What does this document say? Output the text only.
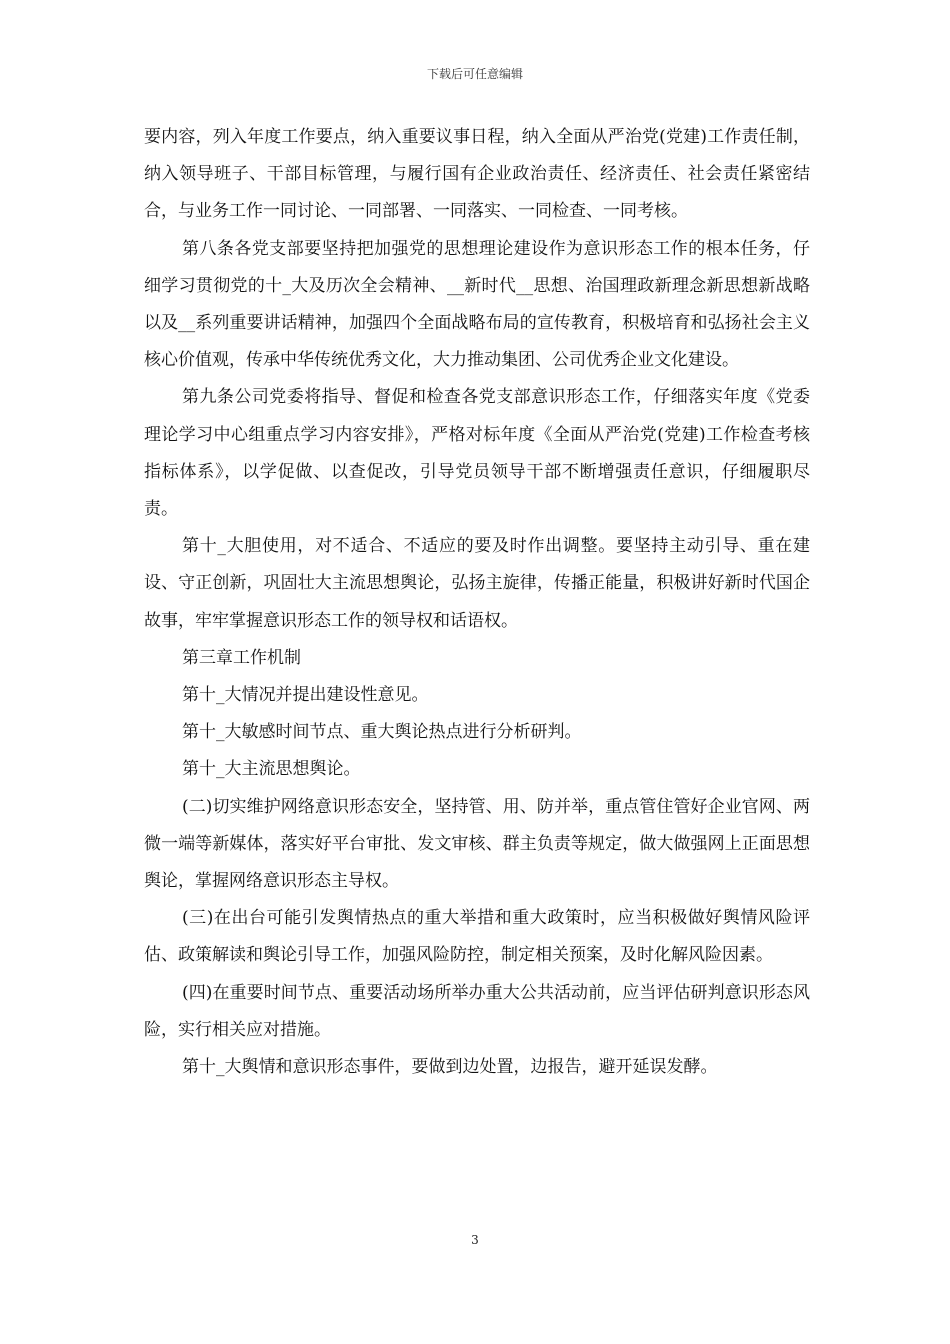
下载后可任意编辑

要内容，列入年度工作要点，纳入重要议事日程，纳入全面从严治党(党建)工作责任制，纳入领导班子、干部目标管理，与履行国有企业政治责任、经济责任、社会责任紧密结合，与业务工作一同讨论、一同部署、一同落实、一同检查、一同考核。

第八条各党支部要坚持把加强党的思想理论建设作为意识形态工作的根本任务，仔细学习贯彻党的十_大及历次全会精神、__新时代__思想、治国理政新理念新思想新战略以及__系列重要讲话精神，加强四个全面战略布局的宣传教育，积极培育和弘扬社会主义核心价值观，传承中华传统优秀文化，大力推动集团、公司优秀企业文化建设。

第九条公司党委将指导、督促和检查各党支部意识形态工作，仔细落实年度《党委理论学习中心组重点学习内容安排》，严格对标年度《全面从严治党(党建)工作检查考核指标体系》，以学促做、以查促改，引导党员领导干部不断增强责任意识，仔细履职尽责。

第十_大胆使用，对不适合、不适应的要及时作出调整。要坚持主动引导、重在建设、守正创新，巩固壮大主流思想舆论，弘扬主旋律，传播正能量，积极讲好新时代国企故事，牢牢掌握意识形态工作的领导权和话语权。

第三章工作机制

第十_大情况并提出建设性意见。

第十_大敏感时间节点、重大舆论热点进行分析研判。

第十_大主流思想舆论。

(二)切实维护网络意识形态安全，坚持管、用、防并举，重点管住管好企业官网、两微一端等新媒体，落实好平台审批、发文审核、群主负责等规定，做大做强网上正面思想舆论，掌握网络意识形态主导权。

(三)在出台可能引发舆情热点的重大举措和重大政策时，应当积极做好舆情风险评估、政策解读和舆论引导工作，加强风险防控，制定相关预案，及时化解风险因素。

(四)在重要时间节点、重要活动场所举办重大公共活动前，应当评估研判意识形态风险，实行相关应对措施。

第十_大舆情和意识形态事件，要做到边处置，边报告，避开延误发酵。

3
